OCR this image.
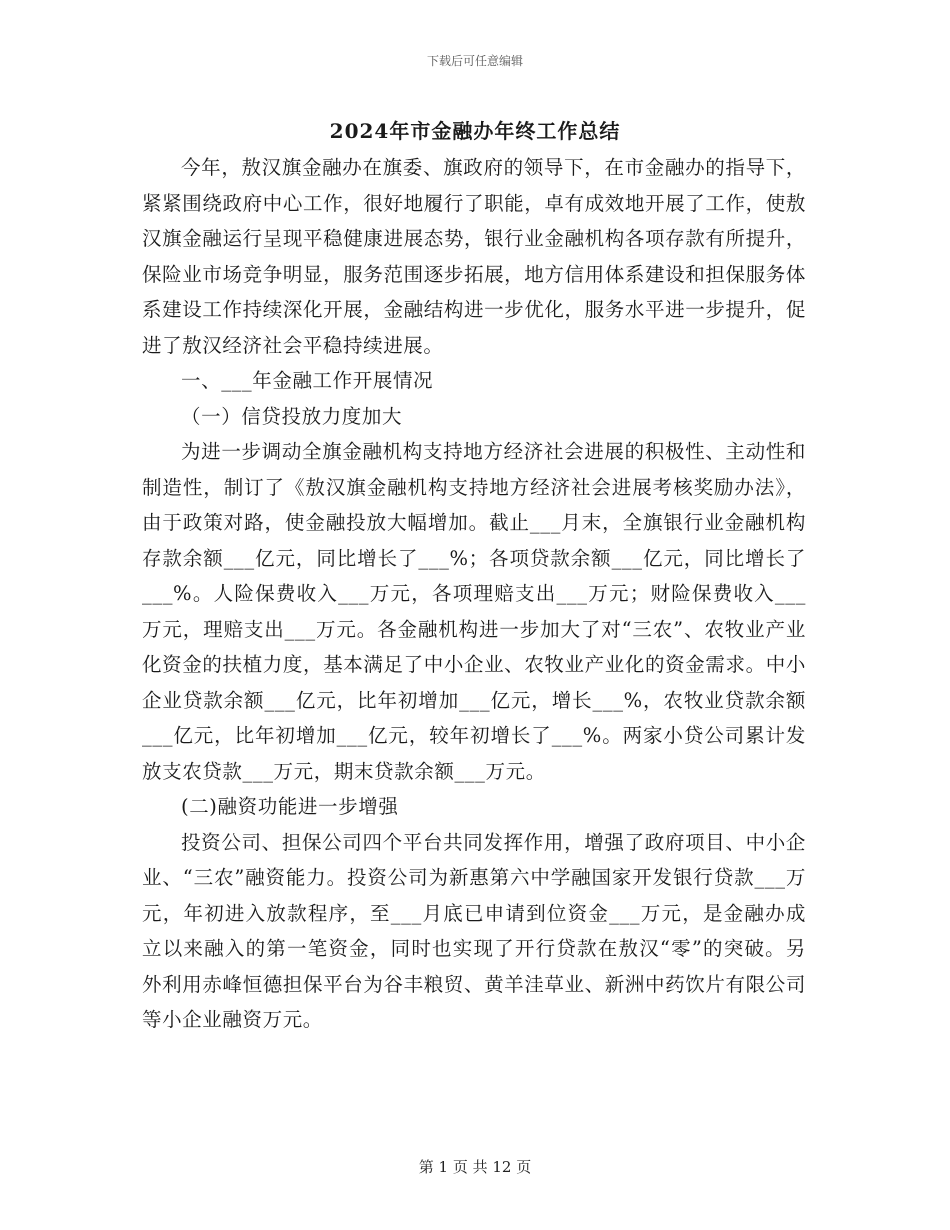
下载后可任意编辑
2024年市金融办年终工作总结

今年，敖汉旗金融办在旗委、旗政府的领导下，在市金融办的指导下，紧紧围绕政府中心工作，很好地履行了职能，卓有成效地开展了工作，使敖汉旗金融运行呈现平稳健康进展态势，银行业金融机构各项存款有所提升，保险业市场竞争明显，服务范围逐步拓展，地方信用体系建设和担保服务体系建设工作持续深化开展，金融结构进一步优化，服务水平进一步提升，促进了敖汉经济社会平稳持续进展。

一、___年金融工作开展情况

（一）信贷投放力度加大

为进一步调动全旗金融机构支持地方经济社会进展的积极性、主动性和制造性，制订了《敖汉旗金融机构支持地方经济社会进展考核奖励办法》，由于政策对路，使金融投放大幅增加。截止___月末，全旗银行业金融机构存款余额___亿元，同比增长了___%；各项贷款余额___亿元，同比增长了___%。人险保费收入___万元，各项理赔支出___万元；财险保费收入___万元，理赔支出___万元。各金融机构进一步加大了对“三农”、农牧业产业化资金的扶植力度，基本满足了中小企业、农牧业产业化的资金需求。中小企业贷款余额___亿元，比年初增加___亿元，增长___%，农牧业贷款余额___亿元，比年初增加___亿元，较年初增长了___%。两家小贷公司累计发放支农贷款___万元，期末贷款余额___万元。

(二)融资功能进一步增强

投资公司、担保公司四个平台共同发挥作用，增强了政府项目、中小企业、“三农”融资能力。投资公司为新惠第六中学融国家开发银行贷款___万元，年初进入放款程序，至___月底已申请到位资金___万元，是金融办成立以来融入的第一笔资金，同时也实现了开行贷款在敖汉“零”的突破。另外利用赤峰恒德担保平台为谷丰粮贸、黄羊洼草业、新洲中药饮片有限公司等小企业融资万元。

第 1 页 共 12 页
